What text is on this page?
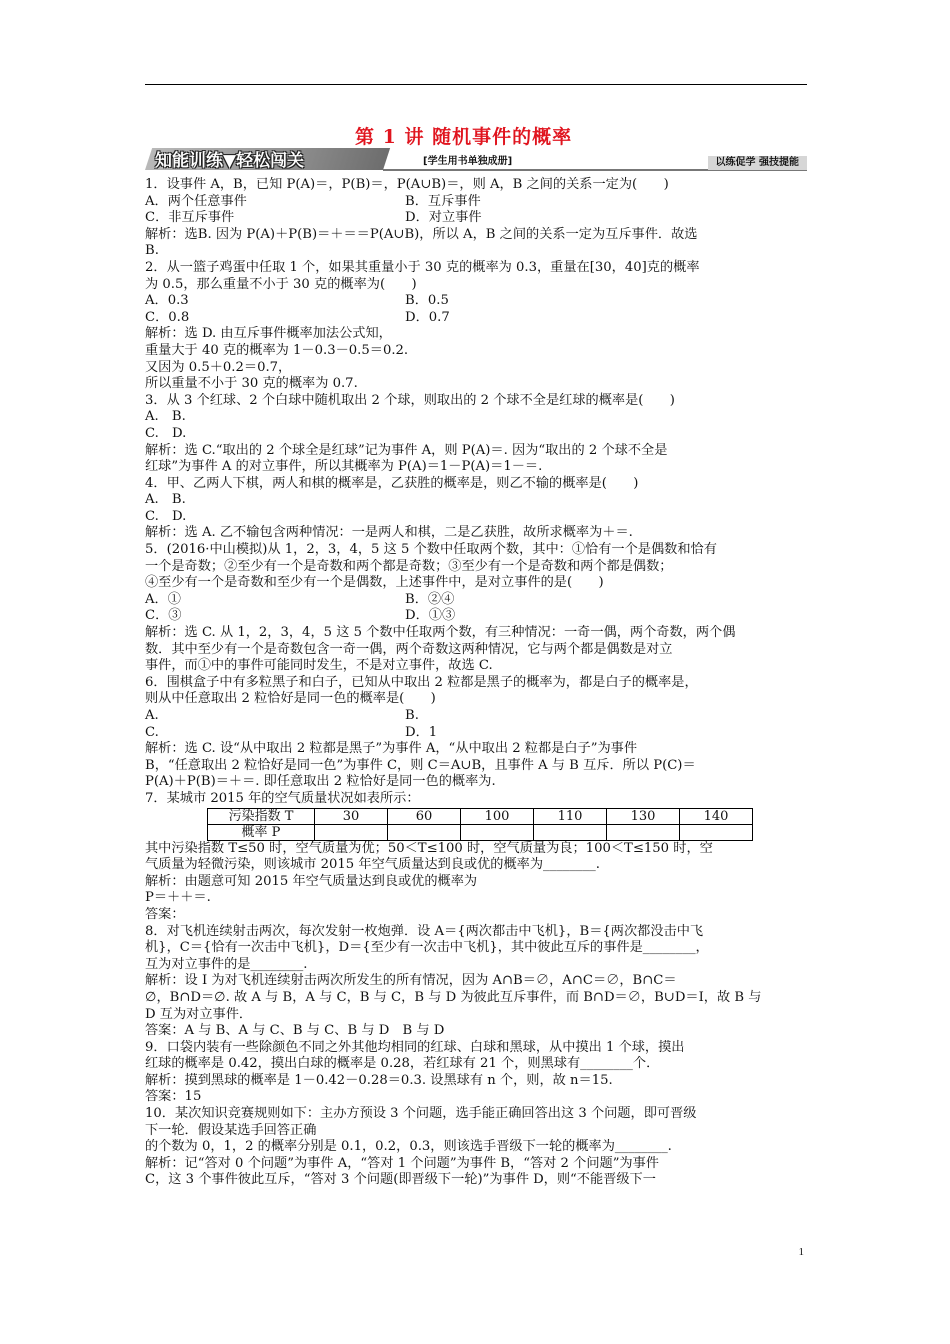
第 1 讲 随机事件的概率
知能训练▼轻松闯关	[学生用书单独成册]	以练促学 强技提能

1．设事件 A，B，已知 P(A)＝，P(B)＝，P(A∪B)＝，则 A，B 之间的关系一定为(　　)

A．两个任意事件	B．互斥事件
C．非互斥事件	D．对立事件

解析：选B. 因为 P(A)＋P(B)＝＋＝＝P(A∪B)，所以 A，B 之间的关系一定为互斥事件．故选

B.

2．从一篮子鸡蛋中任取 1 个，如果其重量小于 30 克的概率为 0.3，重量在[30，40]克的概率

为 0.5，那么重量不小于 30 克的概率为(　　)

A．0.3	B．0.5
C．0.8	D．0.7

解析：选 D. 由互斥事件概率加法公式知，

重量大于 40 克的概率为 1－0.3－0.5＝0.2.

又因为 0.5＋0.2＝0.7，

所以重量不小于 30 克的概率为 0.7.

3．从 3 个红球、2 个白球中随机取出 2 个球，则取出的 2 个球不全是红球的概率是(　　)

A.　B.

C.　D.

解析：选 C.“取出的 2 个球全是红球”记为事件 A，则 P(A)＝. 因为“取出的 2 个球不全是

红球”为事件 A 的对立事件，所以其概率为 P(A)＝1－P(A)＝1－＝.

4．甲、乙两人下棋，两人和棋的概率是，乙获胜的概率是，则乙不输的概率是(　　)

A.　B.

C.　D.

解析：选 A. 乙不输包含两种情况：一是两人和棋，二是乙获胜，故所求概率为＋＝.

5．(2016·中山模拟)从 1，2，3，4，5 这 5 个数中任取两个数，其中：①恰有一个是偶数和恰有

一个是奇数；②至少有一个是奇数和两个都是奇数；③至少有一个是奇数和两个都是偶数；

④至少有一个是奇数和至少有一个是偶数，上述事件中，是对立事件的是(　　)

A．①	B．②④
C．③	D．①③

解析：选 C. 从 1，2，3，4，5 这 5 个数中任取两个数，有三种情况：一奇一偶，两个奇数，两个偶

数．其中至少有一个是奇数包含一奇一偶，两个奇数这两种情况，它与两个都是偶数是对立

事件，而①中的事件可能同时发生，不是对立事件，故选 C.

6．围棋盒子中有多粒黑子和白子，已知从中取出 2 粒都是黑子的概率为，都是白子的概率是，

则从中任意取出 2 粒恰好是同一色的概率是(　　)

A.	B.
C.	D．1

解析：选 C. 设“从中取出 2 粒都是黑子”为事件 A，“从中取出 2 粒都是白子”为事件

B，“任意取出 2 粒恰好是同一色”为事件 C，则 C＝A∪B，且事件 A 与 B 互斥．所以 P(C)＝

P(A)＋P(B)＝＋＝. 即任意取出 2 粒恰好是同一色的概率为.

7．某城市 2015 年的空气质量状况如表所示：

污染指数 T	30	60	100	110	130	140
概率 P						

其中污染指数 T≤50 时，空气质量为优；50＜T≤100 时，空气质量为良；100＜T≤150 时，空

气质量为轻微污染，则该城市 2015 年空气质量达到良或优的概率为________.

解析：由题意可知 2015 年空气质量达到良或优的概率为

P＝＋＋＝.

答案：

8．对飞机连续射击两次，每次发射一枚炮弹．设 A＝{两次都击中飞机}，B＝{两次都没击中飞

机}，C＝{恰有一次击中飞机}，D＝{至少有一次击中飞机}，其中彼此互斥的事件是________，

互为对立事件的是________.

解析：设 I 为对飞机连续射击两次所发生的所有情况，因为 A∩B＝∅，A∩C＝∅，B∩C＝

∅，B∩D＝∅. 故 A 与 B，A 与 C，B 与 C，B 与 D 为彼此互斥事件，而 B∩D＝∅，B∪D＝I，故 B 与

D 互为对立事件．

答案：A 与 B、A 与 C、B 与 C、B 与 D　B 与 D

9．口袋内装有一些除颜色不同之外其他均相同的红球、白球和黑球，从中摸出 1 个球，摸出

红球的概率是 0.42，摸出白球的概率是 0.28，若红球有 21 个，则黑球有________个．

解析：摸到黑球的概率是 1－0.42－0.28＝0.3. 设黑球有 n 个，则，故 n＝15.

答案：15

10．某次知识竞赛规则如下：主办方预设 3 个问题，选手能正确回答出这 3 个问题，即可晋级

下一轮．假设某选手回答正确

的个数为 0，1，2 的概率分别是 0.1，0.2，0.3，则该选手晋级下一轮的概率为________.

解析：记“答对 0 个问题”为事件 A，“答对 1 个问题”为事件 B，“答对 2 个问题”为事件

C，这 3 个事件彼此互斥，“答对 3 个问题(即晋级下一轮)”为事件 D，则“不能晋级下一

1
